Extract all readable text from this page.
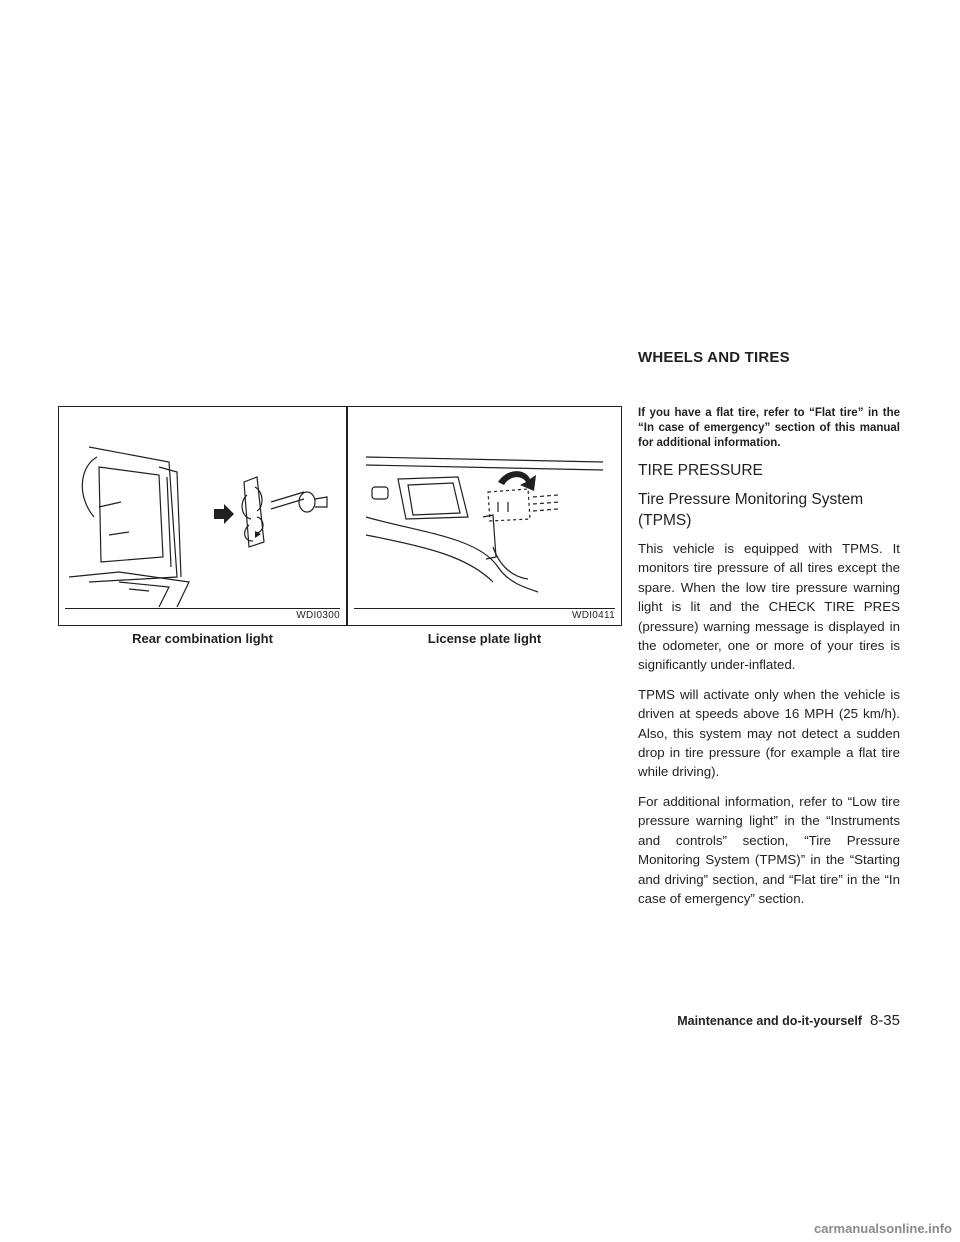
WDI0300
Rear combination light
WDI0411
License plate light
WHEELS AND TIRES

If you have a flat tire, refer to “Flat tire” in the “In case of emergency” section of this manual for additional information.

TIRE PRESSURE
Tire Pressure Monitoring System (TPMS)

This vehicle is equipped with TPMS. It monitors tire pressure of all tires except the spare. When the low tire pressure warning light is lit and the CHECK TIRE PRES (pressure) warning message is displayed in the odometer, one or more of your tires is significantly under-inflated.

TPMS will activate only when the vehicle is driven at speeds above 16 MPH (25 km/h). Also, this system may not detect a sudden drop in tire pressure (for example a flat tire while driving).

For additional information, refer to “Low tire pressure warning light” in the “Instruments and controls” section, “Tire Pressure Monitoring System (TPMS)” in the “Starting and driving” section, and “Flat tire” in the “In case of emergency” section.

Maintenance and do-it-yourself 8-35
carmanualsonline.info
